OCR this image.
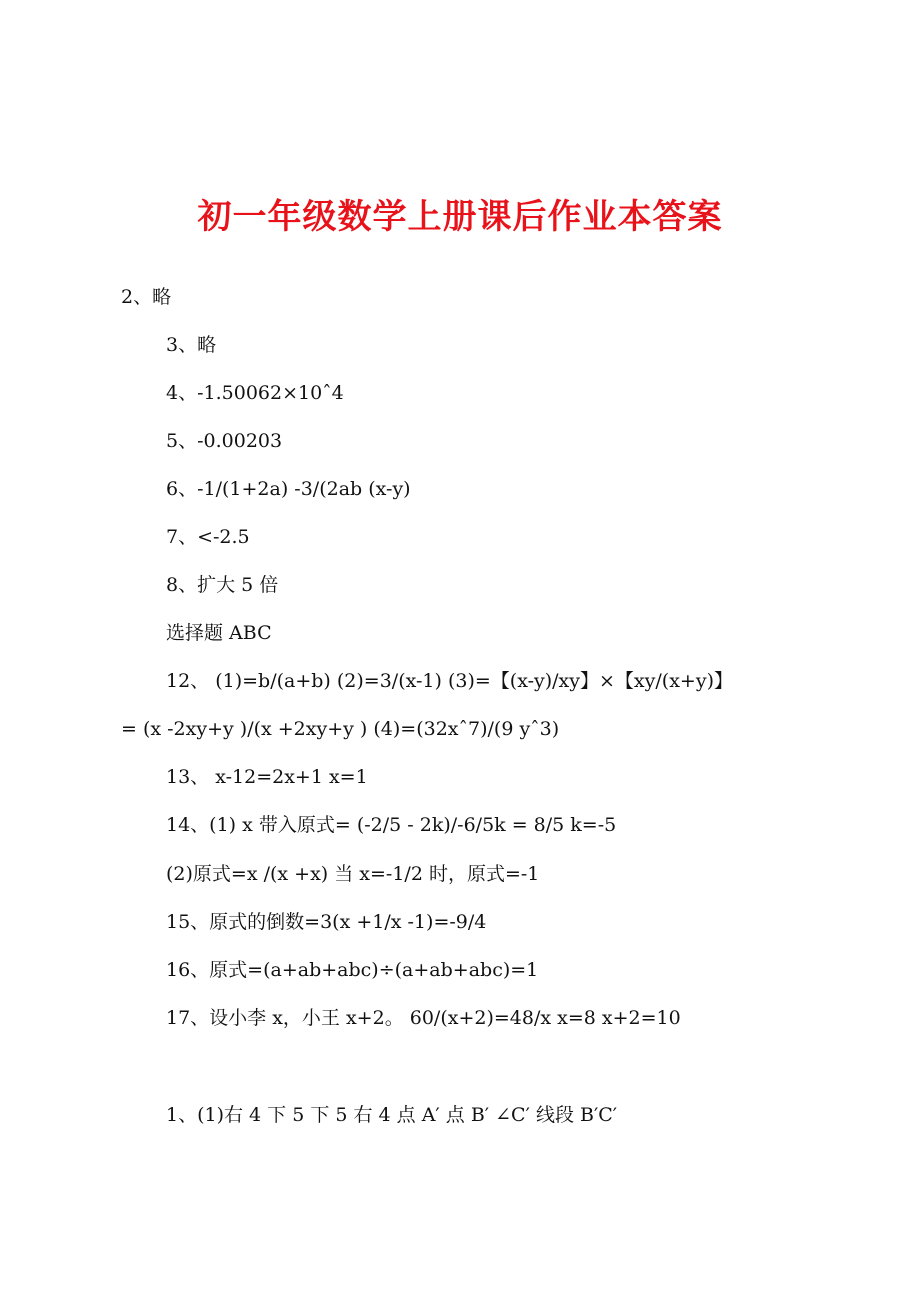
初一年级数学上册课后作业本答案
2、略
3、略
4、-1.50062×10ˆ4
5、-0.00203
6、-1/(1+2a) -3/(2ab (x-y)
7、<-2.5
8、扩大 5 倍
选择题 ABC
12、 (1)=b/(a+b) (2)=3/(x-1) (3)=【(x-y)/xy】×【xy/(x+y)】
= (x -2xy+y )/(x +2xy+y ) (4)=(32xˆ7)/(9 yˆ3)
13、 x-12=2x+1 x=1
14、(1) x 带入原式= (-2/5 - 2k)/-6/5k = 8/5 k=-5
(2)原式=x /(x +x) 当 x=-1/2 时，原式=-1
15、原式的倒数=3(x +1/x -1)=-9/4
16、原式=(a+ab+abc)÷(a+ab+abc)=1
17、设小李 x，小王 x+2。 60/(x+2)=48/x x=8 x+2=10
1、(1)右 4 下 5 下 5 右 4 点 A′ 点 B′ ∠C′ 线段 B′C′
